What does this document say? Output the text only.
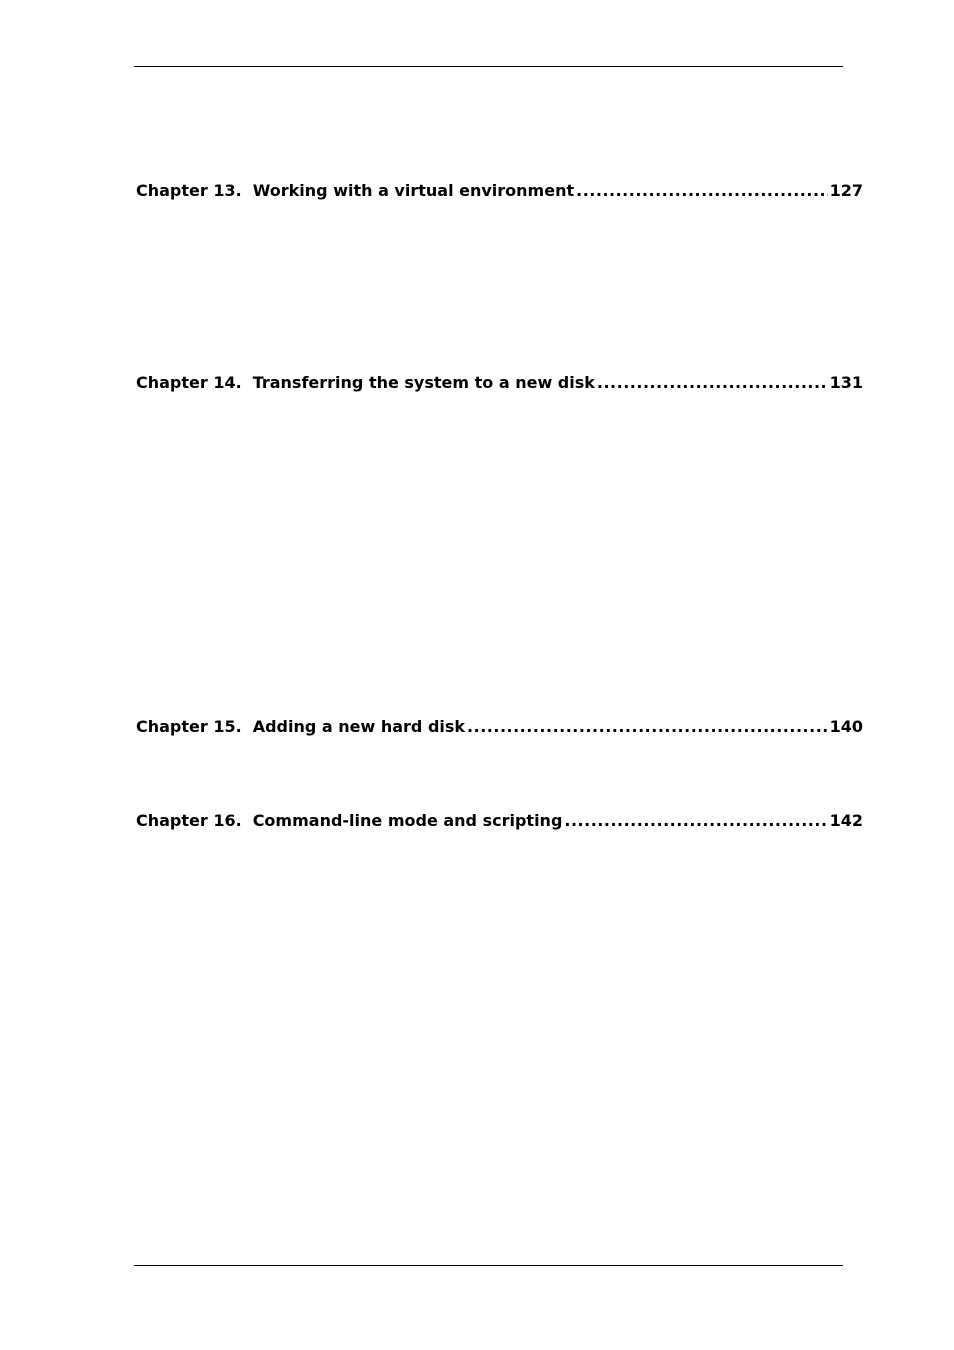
Chapter 13. Working with a virtual environment .....	127
Chapter 14. Transferring the system to a new disk .....	131
Chapter 15. Adding a new hard disk .....	140
Chapter 16. Command-line mode and scripting .....	142
